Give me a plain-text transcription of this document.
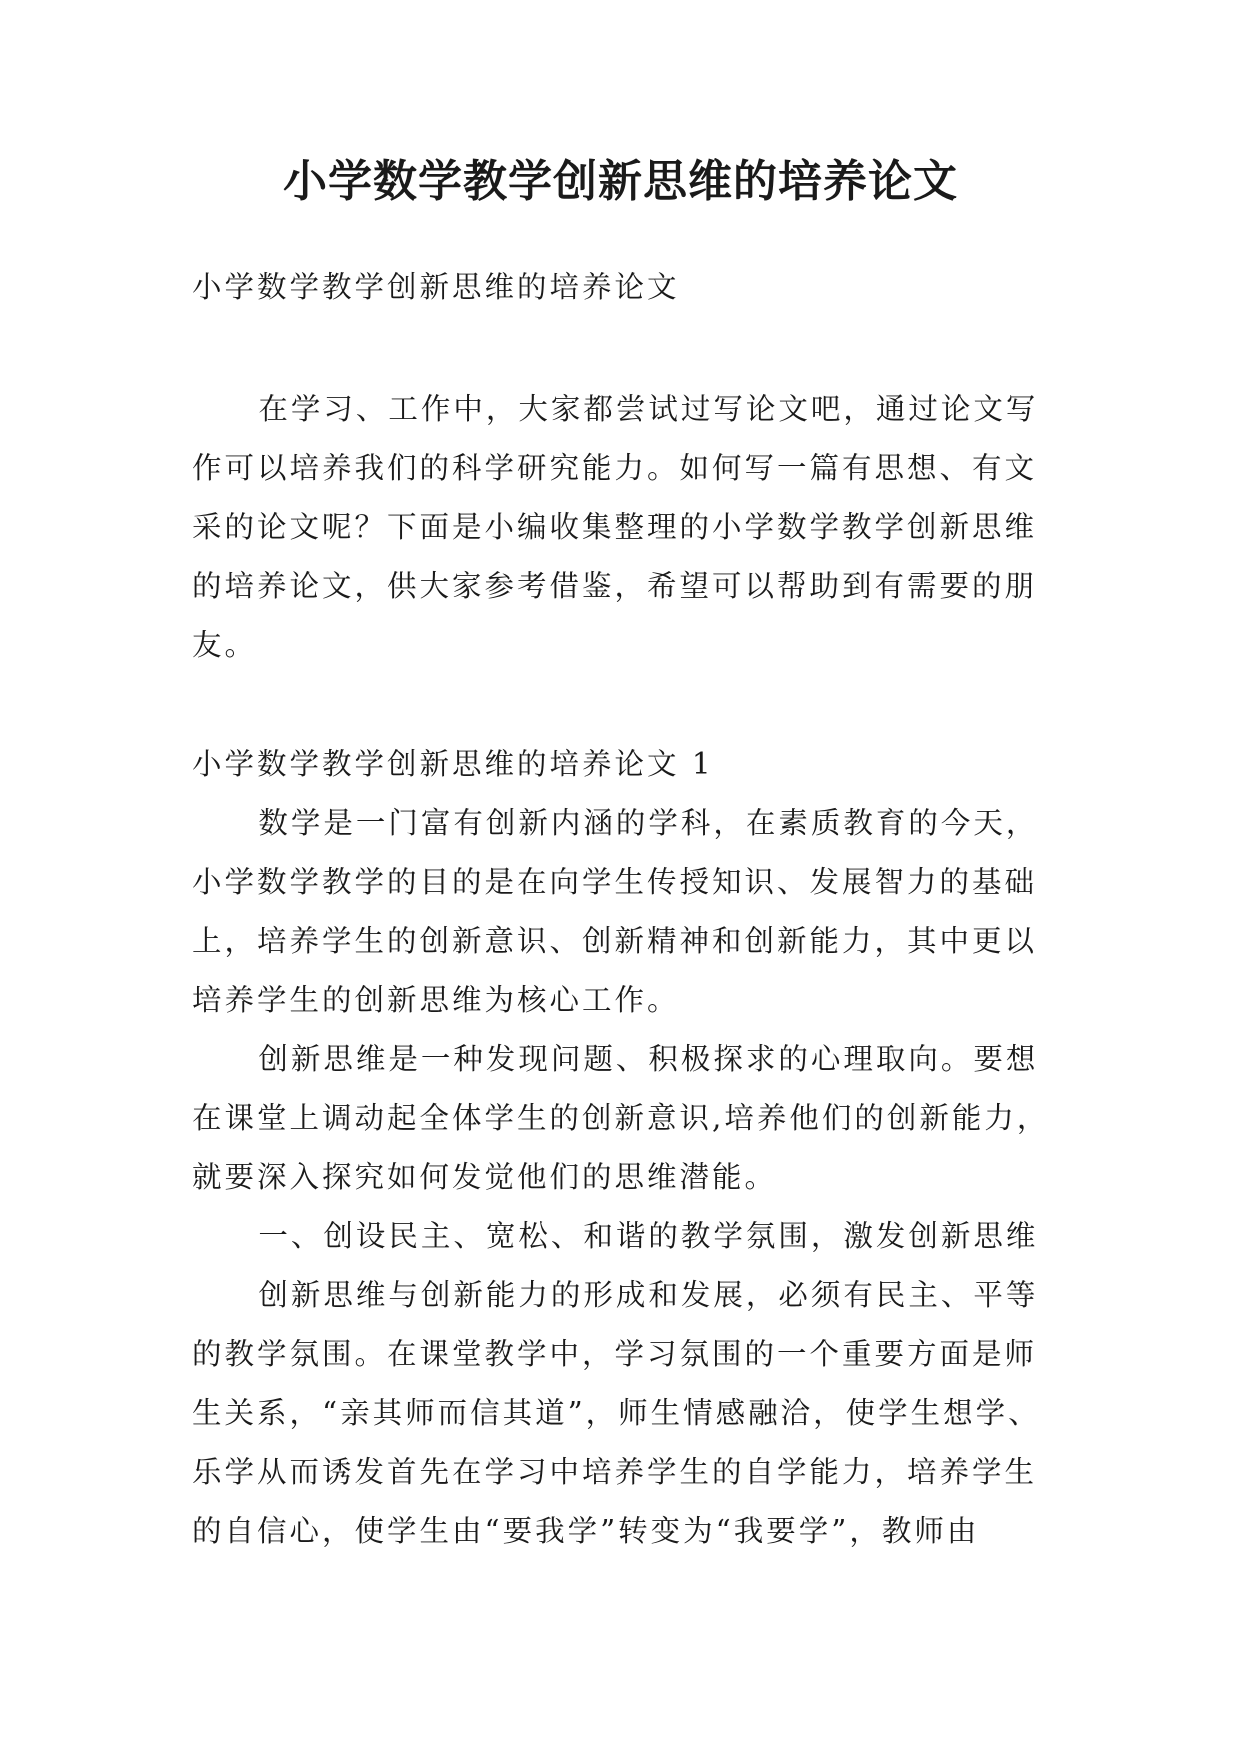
小学数学教学创新思维的培养论文

小学数学教学创新思维的培养论文

在学习、工作中，大家都尝试过写论文吧，通过论文写作可以培养我们的科学研究能力。如何写一篇有思想、有文采的论文呢？下面是小编收集整理的小学数学教学创新思维的培养论文，供大家参考借鉴，希望可以帮助到有需要的朋友。

小学数学教学创新思维的培养论文 1

数学是一门富有创新内涵的学科，在素质教育的今天，小学数学教学的目的是在向学生传授知识、发展智力的基础上，培养学生的创新意识、创新精神和创新能力，其中更以培养学生的创新思维为核心工作。

创新思维是一种发现问题、积极探求的心理取向。要想在课堂上调动起全体学生的创新意识,培养他们的创新能力，就要深入探究如何发觉他们的思维潜能。

一、创设民主、宽松、和谐的教学氛围，激发创新思维

创新思维与创新能力的形成和发展，必须有民主、平等的教学氛围。在课堂教学中，学习氛围的一个重要方面是师生关系，“亲其师而信其道”，师生情感融洽，使学生想学、乐学从而诱发首先在学习中培养学生的自学能力，培养学生的自信心，使学生由“要我学”转变为“我要学”，教师由
